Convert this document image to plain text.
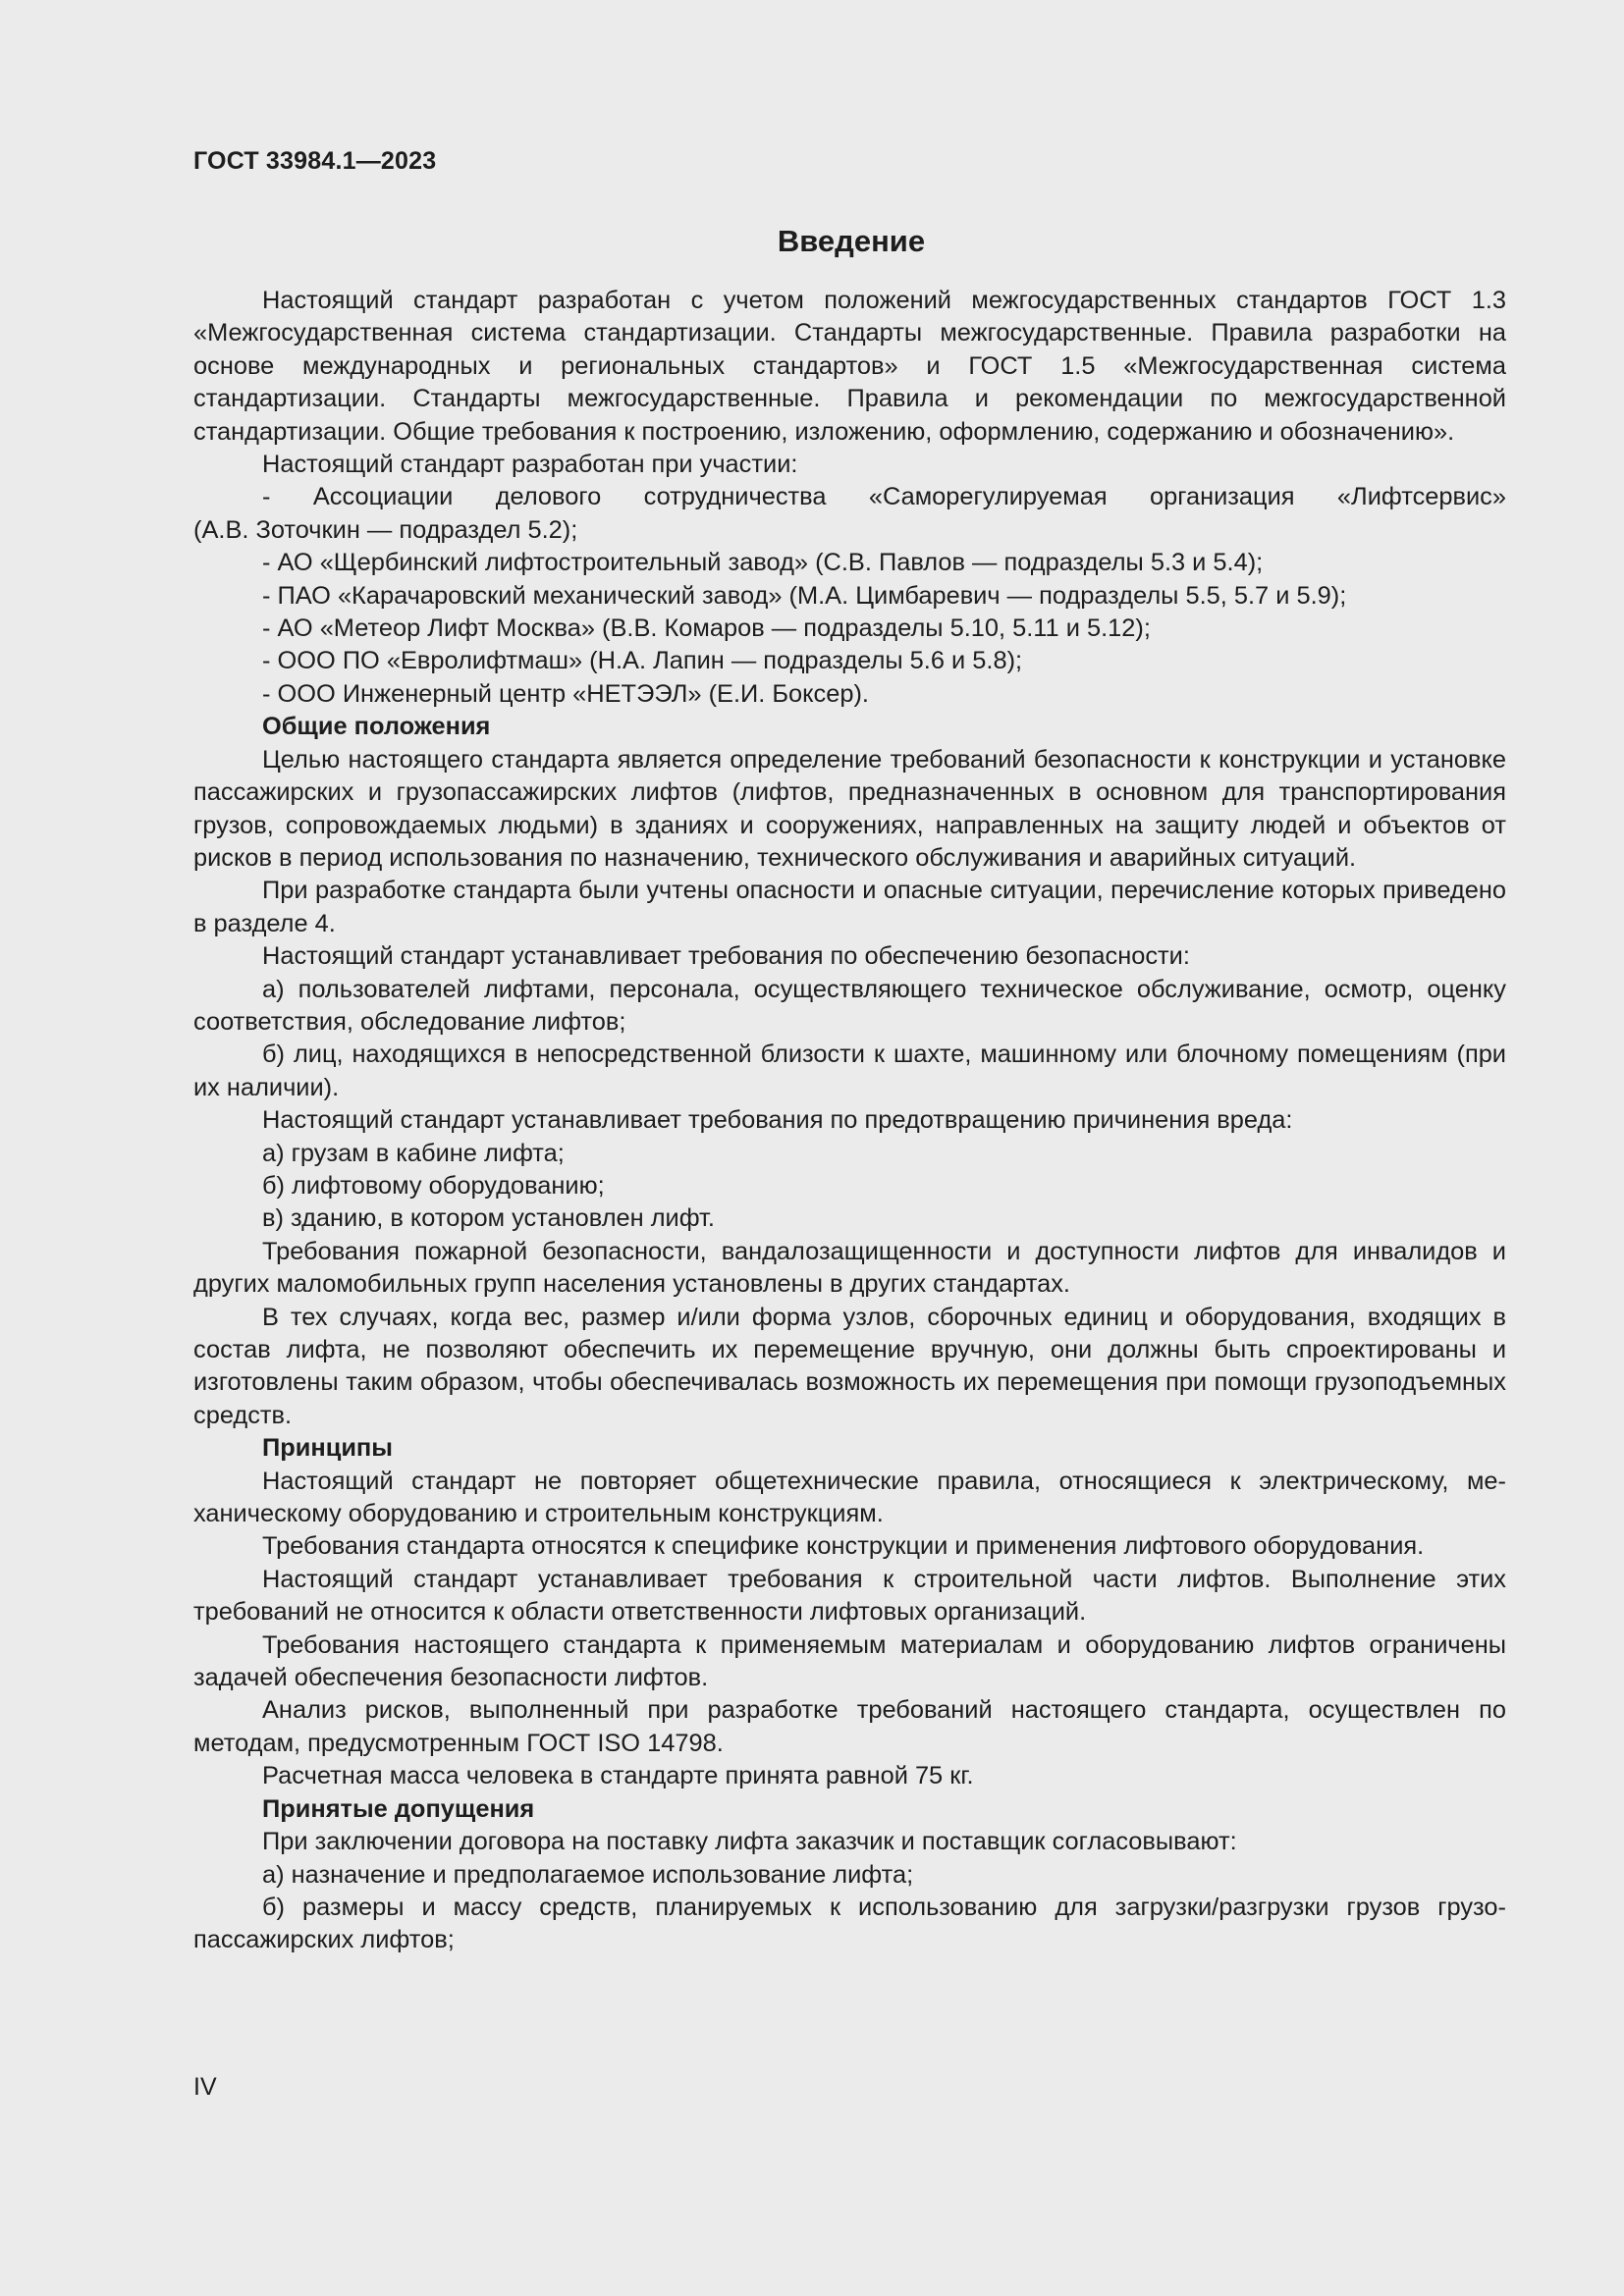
ГОСТ 33984.1—2023
Введение

Настоящий стандарт разработан с учетом положений межгосударственных стандартов ГОСТ 1.3 «Межгосударственная система стандартизации. Стандарты межгосударственные. Правила разработки на основе международных и региональных стандартов» и ГОСТ 1.5 «Межгосударственная система стандартизации. Стандарты межгосударственные. Правила и рекомендации по межгосударственной стандартизации. Общие требования к построению, изложению, оформлению, содержанию и обозначению».

Настоящий стандарт разработан при участии:

- Ассоциации делового сотрудничества «Саморегулируемая организация «Лифтсервис»

(А.В. Зоточкин — подраздел 5.2);

- АО «Щербинский лифтостроительный завод» (С.В. Павлов — подразделы 5.3 и 5.4);

- ПАО «Карачаровский механический завод» (М.А. Цимбаревич — подразделы 5.5, 5.7 и 5.9);

- АО «Метеор Лифт Москва» (В.В. Комаров — подразделы 5.10, 5.11 и 5.12);

- ООО ПО «Евролифтмаш» (Н.А. Лапин — подразделы 5.6 и 5.8);

- ООО Инженерный центр «НЕТЭЭЛ» (Е.И. Боксер).

Общие положения

Целью настоящего стандарта является определение требований безопасности к конструкции и установке пассажирских и грузопассажирских лифтов (лифтов, предназначенных в основном для транспортирования грузов, сопровождаемых людьми) в зданиях и сооружениях, направленных на защиту людей и объектов от рисков в период использования по назначению, технического обслуживания и аварийных ситуаций.

При разработке стандарта были учтены опасности и опасные ситуации, перечисление которых приведено в разделе 4.

Настоящий стандарт устанавливает требования по обеспечению безопасности:

а) пользователей лифтами, персонала, осуществляющего техническое обслуживание, осмотр, оценку соответствия, обследование лифтов;

б) лиц, находящихся в непосредственной близости к шахте, машинному или блочному помещениям (при их наличии).

Настоящий стандарт устанавливает требования по предотвращению причинения вреда:

а) грузам в кабине лифта;

б) лифтовому оборудованию;

в) зданию, в котором установлен лифт.

Требования пожарной безопасности, вандалозащищенности и доступности лифтов для инвалидов и других маломобильных групп населения установлены в других стандартах.

В тех случаях, когда вес, размер и/или форма узлов, сборочных единиц и оборудования, входящих в состав лифта, не позволяют обеспечить их перемещение вручную, они должны быть спроектированы и изготовлены таким образом, чтобы обеспечивалась возможность их перемещения при помощи грузоподъемных средств.

Принципы

Настоящий стандарт не повторяет общетехнические правила, относящиеся к электрическому, механическому оборудованию и строительным конструкциям.

Требования стандарта относятся к специфике конструкции и применения лифтового оборудования.

Настоящий стандарт устанавливает требования к строительной части лифтов. Выполнение этих требований не относится к области ответственности лифтовых организаций.

Требования настоящего стандарта к применяемым материалам и оборудованию лифтов ограничены задачей обеспечения безопасности лифтов.

Анализ рисков, выполненный при разработке требований настоящего стандарта, осуществлен по методам, предусмотренным ГОСТ ISO 14798.

Расчетная масса человека в стандарте принята равной 75 кг.

Принятые допущения

При заключении договора на поставку лифта заказчик и поставщик согласовывают:

а) назначение и предполагаемое использование лифта;

б) размеры и массу средств, планируемых к использованию для загрузки/разгрузки грузов грузопассажирских лифтов;

IV
